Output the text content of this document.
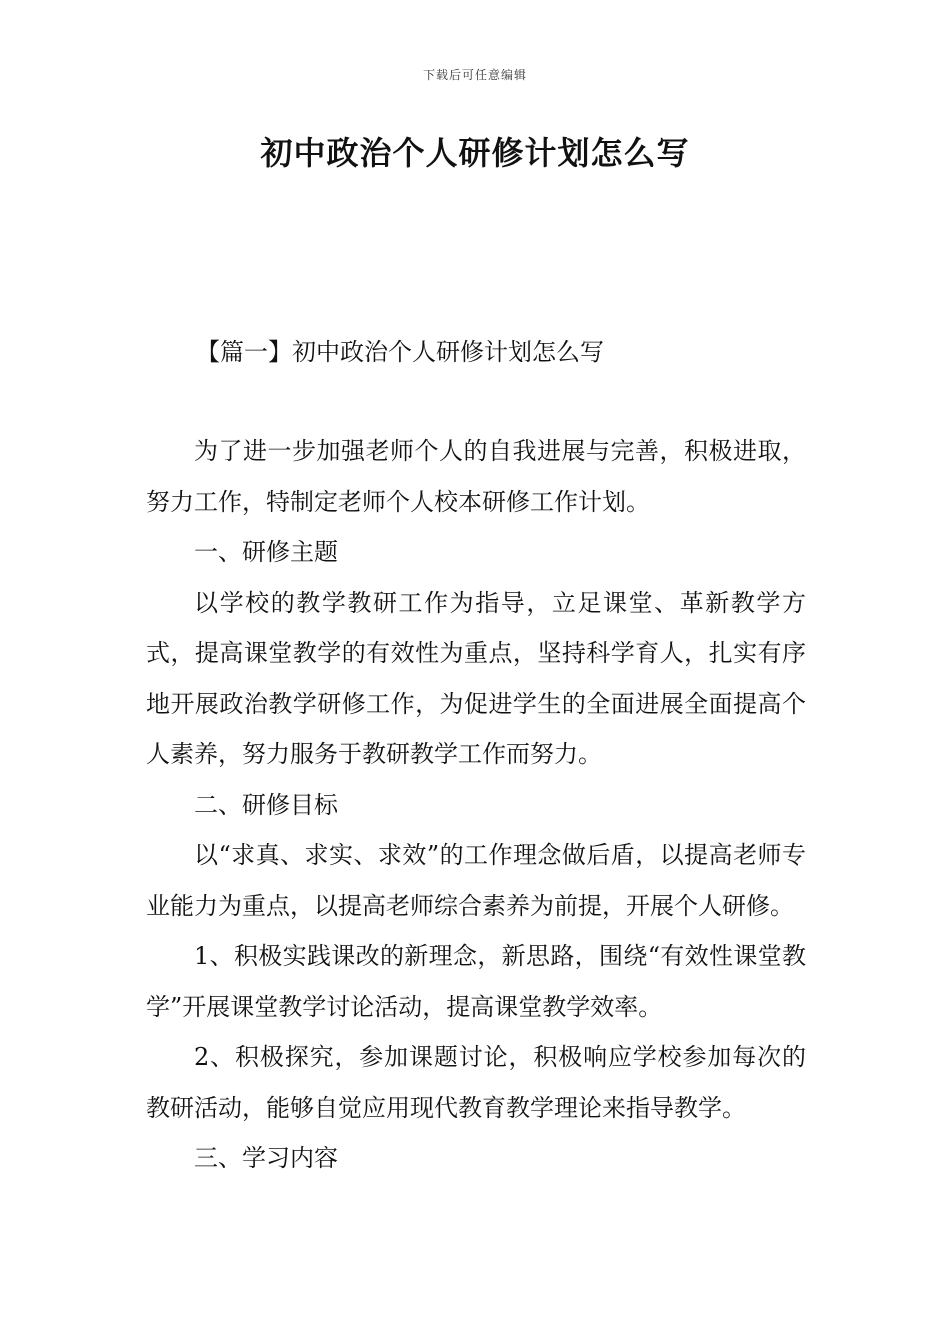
下载后可任意编辑
初中政治个人研修计划怎么写
【篇一】初中政治个人研修计划怎么写

为了进一步加强老师个人的自我进展与完善，积极进取，努力工作，特制定老师个人校本研修工作计划。

一、研修主题

以学校的教学教研工作为指导，立足课堂、革新教学方式，提高课堂教学的有效性为重点，坚持科学育人，扎实有序地开展政治教学研修工作，为促进学生的全面进展全面提高个人素养，努力服务于教研教学工作而努力。

二、研修目标

以“求真、求实、求效”的工作理念做后盾，以提高老师专业能力为重点，以提高老师综合素养为前提，开展个人研修。

1、积极实践课改的新理念，新思路，围绕“有效性课堂教学”开展课堂教学讨论活动，提高课堂教学效率。

2、积极探究，参加课题讨论，积极响应学校参加每次的教研活动，能够自觉应用现代教育教学理论来指导教学。

三、学习内容
